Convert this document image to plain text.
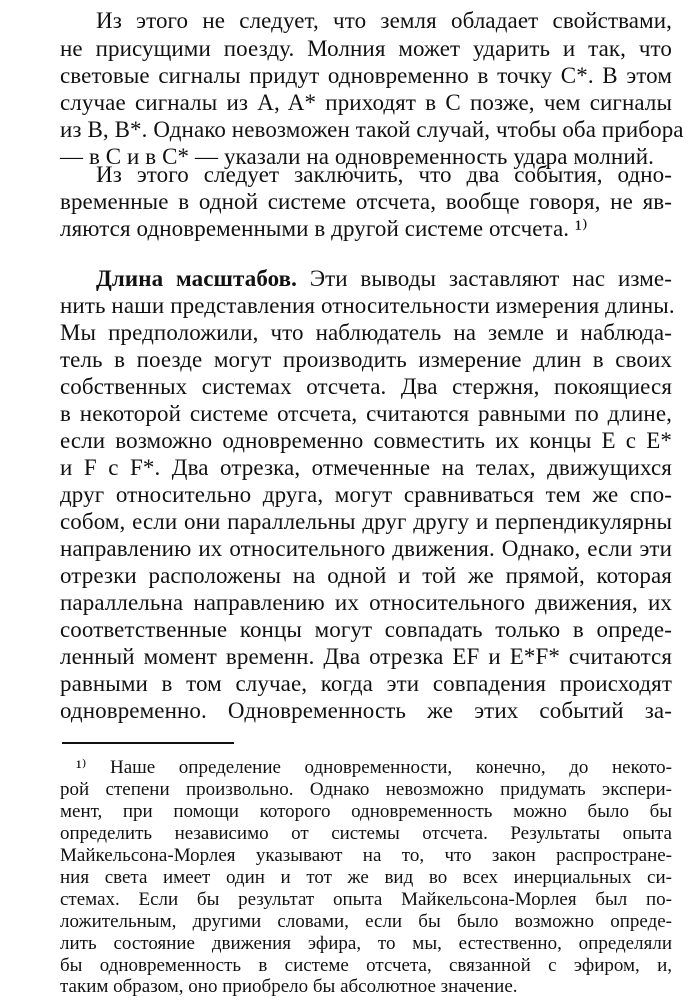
Из этого не следует, что земля обладает свойствами,
не присущими поезду. Молния может ударить и так, что
световые сигналы придут одновременно в точку C*. В этом
случае сигналы из A, A* приходят в C позже, чем сигналы
из B, B*. Однако невозможен такой случай, чтобы оба прибора
— в C и в C* — указали на одновременность удара молний.
Из этого следует заключить, что два события, одно-
временные в одной системе отсчета, вообще говоря, не яв-
ляются одновременными в другой системе отсчета. ¹⁾
Длина масштабов. Эти выводы заставляют нас изме-
нить наши представления относительности измерения длины.
Мы предположили, что наблюдатель на земле и наблюда-
тель в поезде могут производить измерение длин в своих
собственных системах отсчета. Два стержня, покоящиеся
в некоторой системе отсчета, считаются равными по длине,
если возможно одновременно совместить их концы E с E*
и F с F*. Два отрезка, отмеченные на телах, движущихся
друг относительно друга, могут сравниваться тем же спо-
собом, если они параллельны друг другу и перпендикулярны
направлению их относительного движения. Однако, если эти
отрезки расположены на одной и той же прямой, которая
параллельна направлению их относительного движения, их
соответственные концы могут совпадать только в опреде-
ленный момент временн. Два отрезка EF и E*F* считаются
равными в том случае, когда эти совпадения происходят
одновременно. Одновременность же этих событий за-
¹⁾ Наше определение одновременности, конечно, до некото-
рой степени произвольно. Однако невозможно придумать экспери-
мент, при помощи которого одновременность можно было бы
определить независимо от системы отсчета. Результаты опыта
Майкельсона-Морлея указывают на то, что закон распростране-
ния света имеет один и тот же вид во всех инерциальных си-
стемах. Если бы результат опыта Майкельсона-Морлея был по-
ложительным, другими словами, если бы было возможно опреде-
лить состояние движения эфира, то мы, естественно, определяли
бы одновременность в системе отсчета, связанной с эфиром, и,
таким образом, оно приобрело бы абсолютное значение.
